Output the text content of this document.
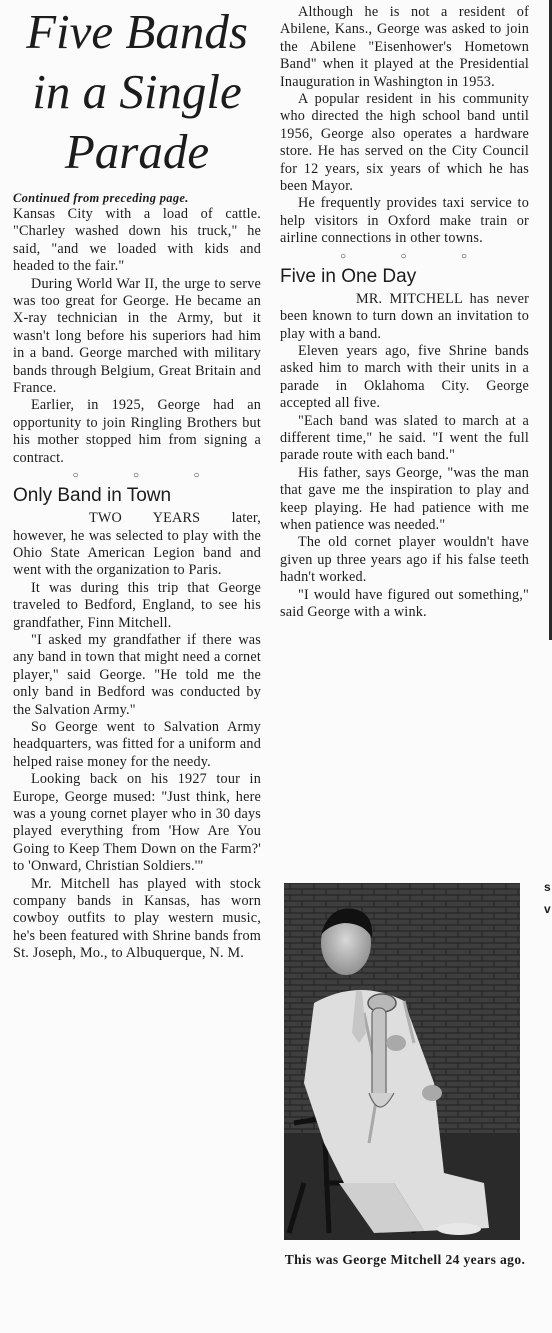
Five Bands
in a Single
Parade

Continued from preceding page.

Kansas City with a load of cattle. "Charley washed down his truck," he said, "and we loaded with kids and headed to the fair."

During World War II, the urge to serve was too great for George. He became an X-ray technician in the Army, but it wasn't long before his superiors had him in a band. George marched with military bands through Belgium, Great Britain and France.

Earlier, in 1925, George had an opportunity to join Ringling Brothers but his mother stopped him from signing a contract.

○ ○ ○
Only Band in Town

TWO YEARS later, however, he was selected to play with the Ohio State American Legion band and went with the organization to Paris.

It was during this trip that George traveled to Bedford, England, to see his grandfather, Finn Mitchell.

"I asked my grandfather if there was any band in town that might need a cornet player," said George. "He told me the only band in Bedford was conducted by the Salvation Army."

So George went to Salvation Army headquarters, was fitted for a uniform and helped raise money for the needy.

Looking back on his 1927 tour in Europe, George mused: "Just think, here was a young cornet player who in 30 days played everything from 'How Are You Going to Keep Them Down on the Farm?' to 'Onward, Christian Soldiers.'"

Mr. Mitchell has played with stock company bands in Kansas, has worn cowboy outfits to play western music, he's been featured with Shrine bands from St. Joseph, Mo., to Albuquerque, N. M.

Although he is not a resident of Abilene, Kans., George was asked to join the Abilene "Eisenhower's Hometown Band" when it played at the Presidential Inauguration in Washington in 1953.

A popular resident in his community who directed the high school band until 1956, George also operates a hardware store. He has served on the City Council for 12 years, six years of which he has been Mayor.

He frequently provides taxi service to help visitors in Oxford make train or airline connections in other towns.

○ ○ ○
Five in One Day

MR. MITCHELL has never been known to turn down an invitation to play with a band.

Eleven years ago, five Shrine bands asked him to march with their units in a parade in Oklahoma City. George accepted all five.

"Each band was slated to march at a different time," he said. "I went the full parade route with each band."

His father, says George, "was the man that gave me the inspiration to play and keep playing. He had patience with me when patience was needed."

The old cornet player wouldn't have given up three years ago if his false teeth hadn't worked.

"I would have figured out something," said George with a wink.

This was George Mitchell 24 years ago.
s
v
